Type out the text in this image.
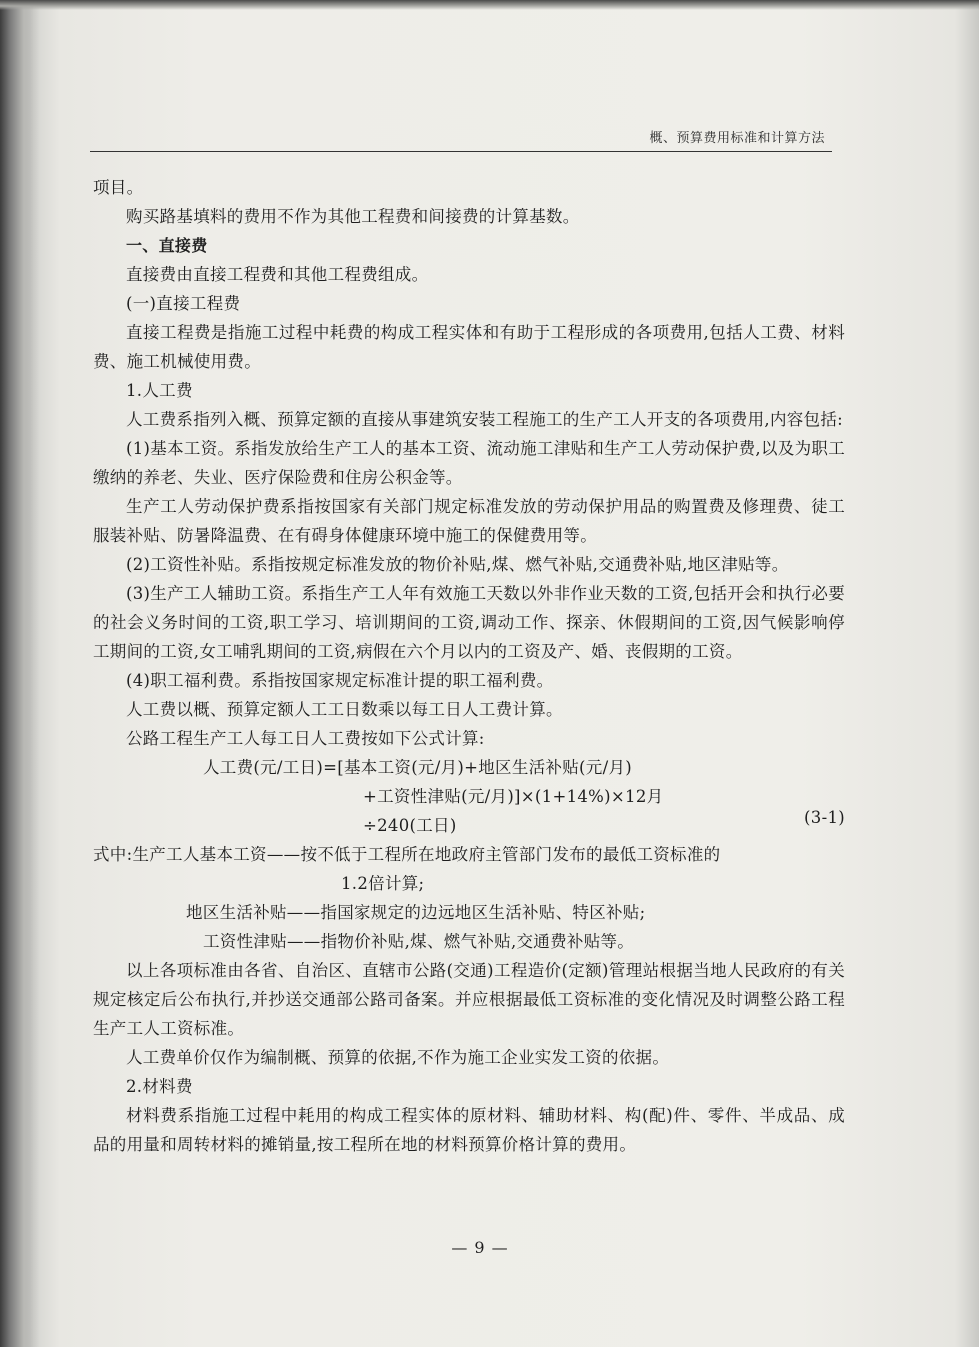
概、预算费用标准和计算方法

项目。

购买路基填料的费用不作为其他工程费和间接费的计算基数。

一、直接费

直接费由直接工程费和其他工程费组成。

(一)直接工程费

直接工程费是指施工过程中耗费的构成工程实体和有助于工程形成的各项费用,包括人工费、材料费、施工机械使用费。

1.人工费

人工费系指列入概、预算定额的直接从事建筑安装工程施工的生产工人开支的各项费用,内容包括:

(1)基本工资。系指发放给生产工人的基本工资、流动施工津贴和生产工人劳动保护费,以及为职工缴纳的养老、失业、医疗保险费和住房公积金等。

生产工人劳动保护费系指按国家有关部门规定标准发放的劳动保护用品的购置费及修理费、徒工服装补贴、防暑降温费、在有碍身体健康环境中施工的保健费用等。

(2)工资性补贴。系指按规定标准发放的物价补贴,煤、燃气补贴,交通费补贴,地区津贴等。

(3)生产工人辅助工资。系指生产工人年有效施工天数以外非作业天数的工资,包括开会和执行必要的社会义务时间的工资,职工学习、培训期间的工资,调动工作、探亲、休假期间的工资,因气候影响停工期间的工资,女工哺乳期间的工资,病假在六个月以内的工资及产、婚、丧假期的工资。

(4)职工福利费。系指按国家规定标准计提的职工福利费。

人工费以概、预算定额人工工日数乘以每工日人工费计算。

公路工程生产工人每工日人工费按如下公式计算:

人工费(元/工日)=[基本工资(元/月)+地区生活补贴(元/月)
+工资性津贴(元/月)]×(1+14%)×12月
÷240(工日)	(3-1)
式中:生产工人基本工资——按不低于工程所在地政府主管部门发布的最低工资标准的
1.2倍计算;
地区生活补贴——指国家规定的边远地区生活补贴、特区补贴;
工资性津贴——指物价补贴,煤、燃气补贴,交通费补贴等。

以上各项标准由各省、自治区、直辖市公路(交通)工程造价(定额)管理站根据当地人民政府的有关规定核定后公布执行,并抄送交通部公路司备案。并应根据最低工资标准的变化情况及时调整公路工程生产工人工资标准。

人工费单价仅作为编制概、预算的依据,不作为施工企业实发工资的依据。

2.材料费

材料费系指施工过程中耗用的构成工程实体的原材料、辅助材料、构(配)件、零件、半成品、成品的用量和周转材料的摊销量,按工程所在地的材料预算价格计算的费用。

— 9 —
